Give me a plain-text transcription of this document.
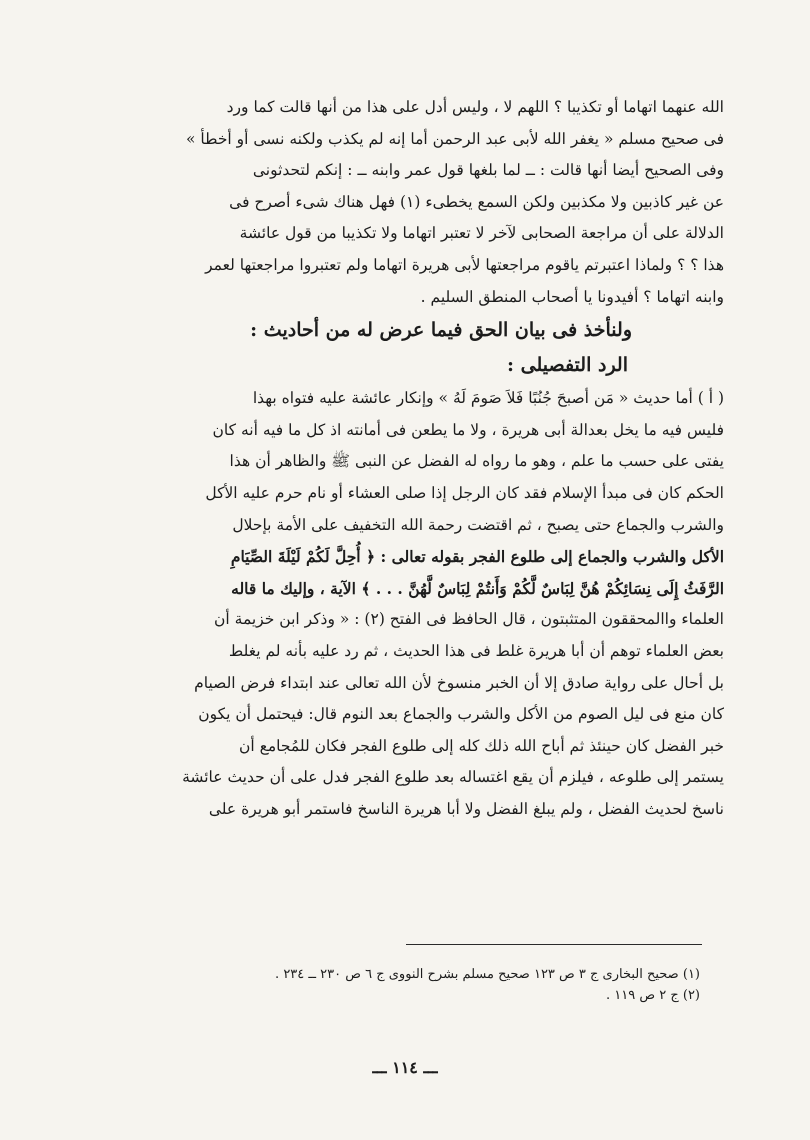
الله عنهما اتهاما أو تكذيبا ؟ اللهم لا ، وليس أدل على هذا من أنها قالت كما ورد
فى صحيح مسلم « يغفر الله لأبى عبد الرحمن أما إنه لم يكذب ولكنه نسى أو أخطأ »
وفى الصحيح أيضا أنها قالت : ــ لما بلغها قول عمر وابنه ــ : إنكم لتحدثونى
عن غير كاذبين ولا مكذبين ولكن السمع يخطىء (١) فهل هناك شىء أصرح فى
الدلالة على أن مراجعة الصحابى لآخر لا تعتبر اتهاما ولا تكذيبا من قول عائشة
هذا ؟ ؟ ولماذا اعتبرتم ياقوم مراجعتها لأبى هريرة اتهاما ولم تعتبروا مراجعتها لعمر
وابنه اتهاما ؟ أفيدونا يا أصحاب المنطق السليم .
ولنأخذ فى بيان الحق فيما عرض له من أحاديث :
الرد التفصيلى :
( أ ) أما حديث « مَن أصبحَ جُنُبًا فَلاَ صَومَ لَهُ » وإنكار عائشة عليه فتواه بهذا
فليس فيه ما يخل بعدالة أبى هريرة ، ولا ما يطعن فى أمانته اذ كل ما فيه أنه كان
يفتى على حسب ما علم ، وهو ما رواه له الفضل عن النبى ﷺ والظاهر أن هذا
الحكم كان فى مبدأ الإسلام فقد كان الرجل إذا صلى العشاء أو نام حرم عليه الأكل
والشرب والجماع حتى يصبح ، ثم اقتضت رحمة الله التخفيف على الأمة بإحلال
الأكل والشرب والجماع إلى طلوع الفجر بقوله تعالى : ﴿ أُحِلَّ لَكُمْ لَيْلَةَ الصِّيَامِ
الرَّفَثُ إِلَى نِسَائِكُمْ هُنَّ لِبَاسٌ لَّكُمْ وَأَنتُمْ لِبَاسٌ لَّهُنَّ . . . ﴾ الآية ، وإليك ما قاله
العلماء واالمحققون المتثبتون ، قال الحافظ فى الفتح (٢) : « وذكر ابن خزيمة أن
بعض العلماء توهم أن أبا هريرة غلط فى هذا الحديث ، ثم رد عليه بأنه لم يغلط
بل أحال على رواية صادق إلا أن الخبر منسوخ لأن الله تعالى عند ابتداء فرض الصيام
كان منع فى ليل الصوم من الأكل والشرب والجماع بعد النوم قال: فيحتمل أن يكون
خبر الفضل كان حينئذ ثم أباح الله ذلك كله إلى طلوع الفجر فكان للمُجامع أن
يستمر إلى طلوعه ، فيلزم أن يقع اغتساله بعد طلوع الفجر فدل على أن حديث عائشة
ناسخ لحديث الفضل ، ولم يبلغ الفضل ولا أبا هريرة الناسخ فاستمر أبو هريرة على
(١) صحيح البخارى ج ٣ ص ١٢٣ صحيح مسلم بشرح النووى ج ٦ ص ٢٣٠ ــ ٢٣٤ .
(٢) ج ٢ ص ١١٩ .
ـــ ١١٤ ـــ
